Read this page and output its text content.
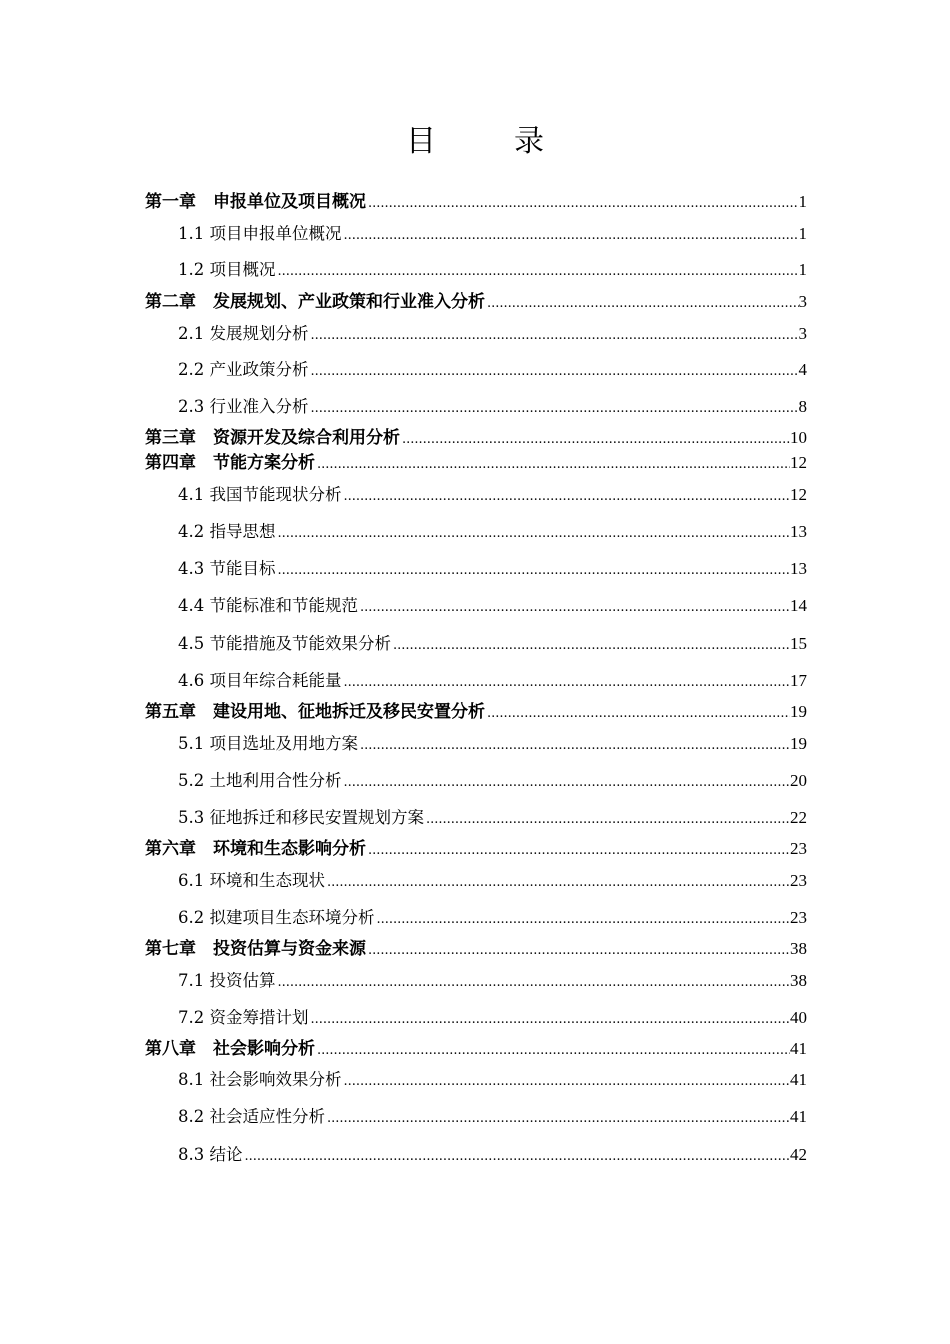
目　录
第一章　申报单位及项目概况 .....	1
1.1 项目申报单位概况 .....	1
1.2 项目概况 .....	1
第二章　发展规划、产业政策和行业准入分析 .....	3
2.1 发展规划分析 .....	3
2.2 产业政策分析 .....	4
2.3 行业准入分析 .....	8
第三章　资源开发及综合利用分析 .....	10
第四章　节能方案分析 .....	12
4.1 我国节能现状分析 .....	12
4.2 指导思想 .....	13
4.3 节能目标 .....	13
4.4 节能标准和节能规范 .....	14
4.5 节能措施及节能效果分析 .....	15
4.6 项目年综合耗能量 .....	17
第五章　建设用地、征地拆迁及移民安置分析 .....	19
5.1 项目选址及用地方案 .....	19
5.2 土地利用合性分析 .....	20
5.3 征地拆迁和移民安置规划方案 .....	22
第六章　环境和生态影响分析 .....	23
6.1 环境和生态现状 .....	23
6.2 拟建项目生态环境分析 .....	23
第七章　投资估算与资金来源 .....	38
7.1 投资估算 .....	38
7.2 资金筹措计划 .....	40
第八章　社会影响分析 .....	41
8.1 社会影响效果分析 .....	41
8.2 社会适应性分析 .....	41
8.3 结论 .....	42
